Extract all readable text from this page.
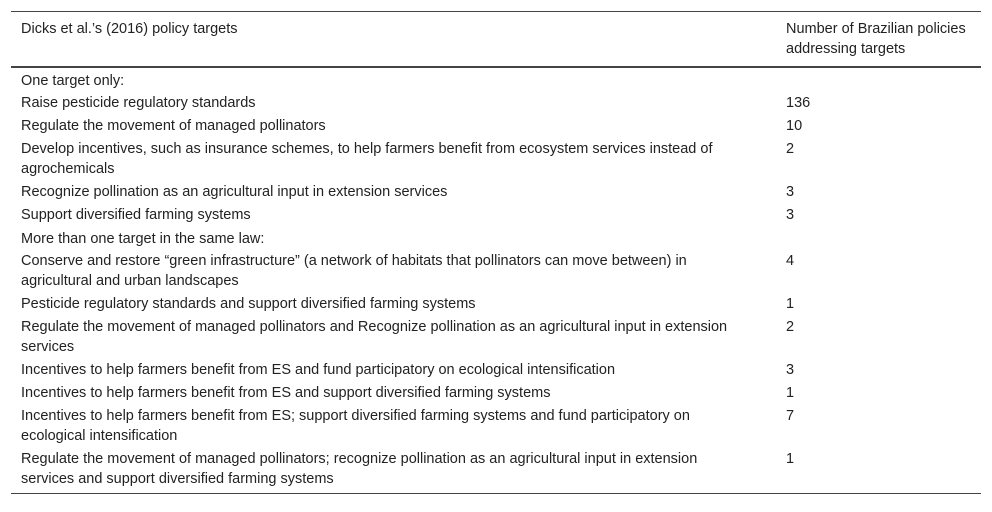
Dicks et al.’s (2016) policy targets	Number of Brazilian policies addressing targets
One target only:	
Raise pesticide regulatory standards	136
Regulate the movement of managed pollinators	10
Develop incentives, such as insurance schemes, to help farmers benefit from ecosystem services instead of agrochemicals	2
Recognize pollination as an agricultural input in extension services	3
Support diversified farming systems	3
More than one target in the same law:	
Conserve and restore “green infrastructure” (a network of habitats that pollinators can move between) in agricultural and urban landscapes	4
Pesticide regulatory standards and support diversified farming systems	1
Regulate the movement of managed pollinators and Recognize pollination as an agricultural input in extension services	2
Incentives to help farmers benefit from ES and fund participatory on ecological intensification	3
Incentives to help farmers benefit from ES and support diversified farming systems	1
Incentives to help farmers benefit from ES; support diversified farming systems and fund participatory on ecological intensification	7
Regulate the movement of managed pollinators; recognize pollination as an agricultural input in extension services and support diversified farming systems	1
